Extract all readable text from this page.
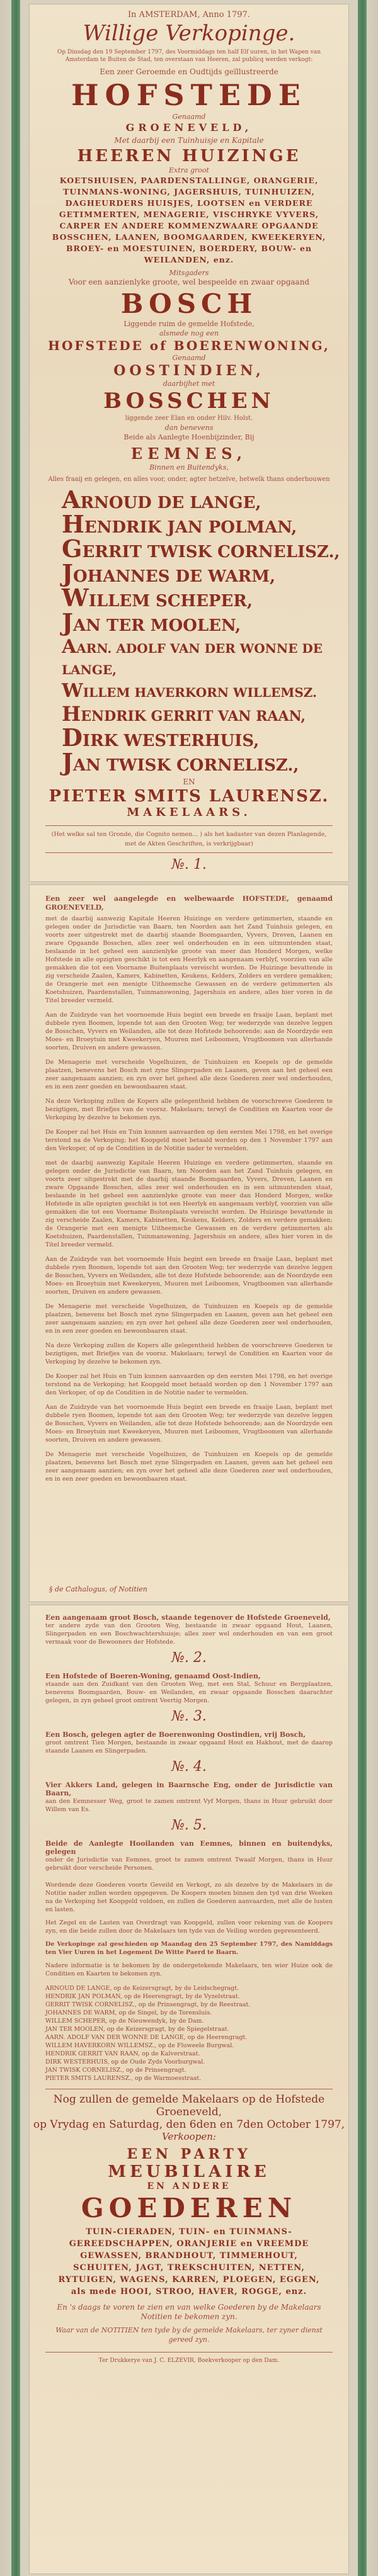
In AMSTERDAM, Anno 1797.
Willige Verkopinge.
Op Dinsdag den 19 September 1797, des Voormiddags ten half Elf uuren, in het Wapen van Amsterdam te Buiten de Stad, ten overstaan van Heeren, zal publicq werden verkogt:
Een zeer Geroemde en Oudtijds geïllustreerde
HOFSTEDE
Genaamd
GROENEVELD,
Met daarbij een Tuinhuisje en Kapitale
HEEREN HUIZINGE
Extra groot
KOETSHUISEN, PAARDENSTALLINGE, ORANGERIE, TUINMANS-WONING, JAGERSHUIS, TUINHUIZEN, DAGHEURDERS HUISJES, LOOTSEN en VERDERE GETIMMERTEN, MENAGERIE, VISCHRYKE VYVERS, CARPER EN ANDERE KOMMENZWAARE OPGAANDE BOSSCHEN, LAANEN, BOOMGAARDEN, KWEEKERYEN, BROEY- en MOESTUINEN, BOERDERY, BOUW- en WEILANDEN, enz.
Mitsgaders
Voor een aanzienlyke groote, wel bespeelde en zwaar opgaand
BOSCH
Liggende ruim de gemelde Hofstede,
alsmede nog een
HOFSTEDE of BOERENWONING,
Genaamd
OOSTINDIEN,
daarbijhet met
BOSSCHEN
liggende zeer Elan en onder Hilv. Holst.
dan benevens
Beide als Aanlegte Hoenbijzinder, Bij
EEMNES,
Binnen en Buitendyks,
Alles fraaij en gelegen, en alles voor, onder, agter hetzelve, hetwelk thans onderhouwen
ARNOUD DE LANGE,
HENDRIK JAN POLMAN,
GERRIT TWISK CORNELISZ.,
JOHANNES DE WARM,
WILLEM SCHEPER,
JAN TER MOOLEN,
AARN. ADOLF VAN DER WONNE DE LANGE,
WILLEM HAVERKORN WILLEMSZ.
HENDRIK GERRIT VAN RAAN,
DIRK WESTERHUIS,
JAN TWISK CORNELISZ.,
EN
PIETER SMITS LAURENSZ.
MAKELAARS.
(Het welke sal ten Gronde, die Cognito nemen... ) als het kadaster van dezen Planlagende, met de Akten Geschriften, is verkrijgbaar)
№. 1.
Een zeer wel aangelegde en welbewaarde HOFSTEDE, genaamd GROENEVELD,
met de daarbij aanwezig Kapitale Heeren Huizinge en verdere getimmerten, staande en gelegen onder de Jurisdictie van Baarn, ten Noorden aan het Zand Tuinhuis gelegen, en voorts zeer uitgestrekt met de daarbij staande Boomgaarden, Vyvers, Dreven, Laanen en zware Opgaande Bosschen, alles zeer wel onderhouden en in een uitmuntenden staat, beslaande in het geheel een aanzienlyke groote van meer dan Honderd Morgen, welke Hofstede in alle opzigten geschikt is tot een Heerlyk en aangenaam verblyf, voorzien van alle gemakken die tot een Voorname Buitenplaats vereischt worden. De Huizinge bevattende in zig verscheide Zaalen, Kamers, Kabinetten, Keukens, Kelders, Zolders en verdere gemakken; de Orangerie met een menigte Uitheemsche Gewassen en de verdere getimmerten als Koetshuizen, Paardenstallen, Tuinmanswoning, Jagershuis en andere, alles hier voren in de Titel breeder vermeld.
Aan de Zuidzyde van het voornoemde Huis begint een breede en fraaije Laan, beplant met dubbele ryen Boomen, lopende tot aan den Grooten Weg; ter wederzyde van dezelve leggen de Bosschen, Vyvers en Weilanden, alle tot deze Hofstede behoorende; aan de Noordzyde een Moes- en Broeytuin met Kweekeryen, Muuren met Leiboomen, Vrugtboomen van allerhande soorten, Druiven en andere gewassen.
De Menagerie met verscheide Vogelhuizen, de Tuinhuizen en Koepels op de gemelde plaatzen, benevens het Bosch met zyne Slingerpaden en Laanen, geven aan het geheel een zeer aangenaam aanzien; en zyn over het geheel alle deze Goederen zeer wel onderhouden, en in een zeer goeden en bewoonbaaren staat.
Na deze Verkoping zullen de Kopers alle gelegentheid hebben de voorschreeve Goederen te bezigtigen, met Briefjes van de voorsz. Makelaars; terwyl de Conditien en Kaarten voor de Verkoping by dezelve te bekomen zyn.
De Kooper zal het Huis en Tuin kunnen aanvaarden op den eersten Mei 1798, en het overige terstond na de Verkoping; het Koopgeld moet betaald worden op den 1 November 1797 aan den Verkoper, of op de Conditien in de Notitie nader te vermelden.
met de daarbij aanwezig Kapitale Heeren Huizinge en verdere getimmerten, staande en gelegen onder de Jurisdictie van Baarn, ten Noorden aan het Zand Tuinhuis gelegen, en voorts zeer uitgestrekt met de daarbij staande Boomgaarden, Vyvers, Dreven, Laanen en zware Opgaande Bosschen, alles zeer wel onderhouden en in een uitmuntenden staat, beslaande in het geheel een aanzienlyke groote van meer dan Honderd Morgen, welke Hofstede in alle opzigten geschikt is tot een Heerlyk en aangenaam verblyf, voorzien van alle gemakken die tot een Voorname Buitenplaats vereischt worden. De Huizinge bevattende in zig verscheide Zaalen, Kamers, Kabinetten, Keukens, Kelders, Zolders en verdere gemakken; de Orangerie met een menigte Uitheemsche Gewassen en de verdere getimmerten als Koetshuizen, Paardenstallen, Tuinmanswoning, Jagershuis en andere, alles hier voren in de Titel breeder vermeld.
Aan de Zuidzyde van het voornoemde Huis begint een breede en fraaije Laan, beplant met dubbele ryen Boomen, lopende tot aan den Grooten Weg; ter wederzyde van dezelve leggen de Bosschen, Vyvers en Weilanden, alle tot deze Hofstede behoorende; aan de Noordzyde een Moes- en Broeytuin met Kweekeryen, Muuren met Leiboomen, Vrugtboomen van allerhande soorten, Druiven en andere gewassen.
De Menagerie met verscheide Vogelhuizen, de Tuinhuizen en Koepels op de gemelde plaatzen, benevens het Bosch met zyne Slingerpaden en Laanen, geven aan het geheel een zeer aangenaam aanzien; en zyn over het geheel alle deze Goederen zeer wel onderhouden, en in een zeer goeden en bewoonbaaren staat.
Na deze Verkoping zullen de Kopers alle gelegentheid hebben de voorschreeve Goederen te bezigtigen, met Briefjes van de voorsz. Makelaars; terwyl de Conditien en Kaarten voor de Verkoping by dezelve te bekomen zyn.
De Kooper zal het Huis en Tuin kunnen aanvaarden op den eersten Mei 1798, en het overige terstond na de Verkoping; het Koopgeld moet betaald worden op den 1 November 1797 aan den Verkoper, of op de Conditien in de Notitie nader te vermelden.
Aan de Zuidzyde van het voornoemde Huis begint een breede en fraaije Laan, beplant met dubbele ryen Boomen, lopende tot aan den Grooten Weg; ter wederzyde van dezelve leggen de Bosschen, Vyvers en Weilanden, alle tot deze Hofstede behoorende; aan de Noordzyde een Moes- en Broeytuin met Kweekeryen, Muuren met Leiboomen, Vrugtboomen van allerhande soorten, Druiven en andere gewassen.
De Menagerie met verscheide Vogelhuizen, de Tuinhuizen en Koepels op de gemelde plaatzen, benevens het Bosch met zyne Slingerpaden en Laanen, geven aan het geheel een zeer aangenaam aanzien; en zyn over het geheel alle deze Goederen zeer wel onderhouden, en in een zeer goeden en bewoonbaaren staat.
§ de Cathalogus, of Notitien
Een aangenaam groot Bosch, staande tegenover de Hofstede Groeneveld,
ter andere zyde van den Grooten Weg, bestaande in zwaar opgaand Hout, Laanen, Slingerpaden en een Boschwachtershuisje; alles zeer wel onderhouden en van een groot vermaak voor de Bewooners der Hofstede.
№. 2.
Een Hofstede of Boeren-Woning, genaamd Oost-Indien,
staande aan den Zuidkant van den Grooten Weg, met een Stal, Schuur en Bergplaatzen, benevens Boomgaarden, Bouw- en Weilanden, en zwaar opgaande Bosschen daarachter gelegen, in zyn geheel groot omtrent Veertig Morgen.
№. 3.
Een Bosch, gelegen agter de Boerenwoning Oostindien, vrij Bosch,
groot omtrent Tien Morgen, bestaande in zwaar opgaand Hout en Hakhout, met de daarop staande Laanen en Slingerpaden.
№. 4.
Vier Akkers Land, gelegen in Baarnsche Eng, onder de Jurisdictie van Baarn,
aan den Eemnesser Weg, groot te zamen omtrent Vyf Morgen, thans in Huur gebruikt door Willem van Es.
№. 5.
Beide de Aanlegte Hooilanden van Eemnes, binnen en buitendyks, gelegen
onder de Jurisdictie van Eemnes, groot te zamen omtrent Twaalf Morgen, thans in Huur gebruikt door verscheide Personen.
Wordende deze Goederen voorts Geveild en Verkogt, zo als dezelve by de Makelaars in de Notitie nader zullen worden opgegeven. De Koopers moeten binnen den tyd van drie Weeken na de Verkoping het Koopgeld voldoen, en zullen de Goederen aanvaarden, met alle de lusten en lasten.
Het Zegel en de Lasten van Overdragt van Koopgeld, zullen voor rekening van de Koopers zyn, en die beide zullen door de Makelaars ten tyde van de Veiling worden gepresenteerd.
De Verkopinge zal geschieden op Maandag den 25 September 1797, des Namiddags ten Vier Uuren in het Logement De Witte Paerd te Baarn.
Nadere informatie is te bekomen by de ondergetekende Makelaars, ten wier Huize ook de Conditien en Kaarten te bekomen zyn.
ARNOUD DE LANGE, op de Keizersgragt, by de Leidschegragt.
HENDRIK JAN POLMAN, op de Heerengragt, by de Vyzelstraat.
GERRIT TWISK CORNELISZ., op de Prinsengragt, by de Reestraat.
JOHANNES DE WARM, op de Singel, by de Torensluis.
WILLEM SCHEPER, op de Nieuwendyk, by de Dam.
JAN TER MOOLEN, op de Keizersgragt, by de Spiegelstraat.
AARN. ADOLF VAN DER WONNE DE LANGE, op de Heerengragt.
WILLEM HAVERKORN WILLEMSZ., op de Fluweele Burgwal.
HENDRIK GERRIT VAN RAAN, op de Kalverstraat.
DIRK WESTERHUIS, op de Oude Zyds Voorburgwal.
JAN TWISK CORNELISZ., op de Prinsengragt.
PIETER SMITS LAURENSZ., op de Warmoesstraat.
Nog zullen de gemelde Makelaars op de Hofstede Groeneveld,
op Vrydag en Saturdag, den 6den en 7den October 1797,
Verkoopen:
EEN PARTY
MEUBILAIRE
EN ANDERE
GOEDEREN
TUIN-CIERADEN, TUIN- en TUINMANS-GEREEDSCHAPPEN, ORANJERIE en VREEMDE GEWASSEN, BRANDHOUT, TIMMERHOUT, SCHUITEN, JAGT, TREKSCHUITEN, NETTEN, RYTUIGEN, WAGENS, KARREN, PLOEGEN, EGGEN, als mede HOOI, STROO, HAVER, ROGGE, enz.
En 's daags te voren te zien en van welke Goederen by de Makelaars Notitien te bekomen zyn.
Waar van de NOTITIEN ten tyde by de gemelde Makelaars, ter zyner dienst gereed zyn.
Ter Drukkerye van J. C. ELZEVIR, Boekverkooper op den Dam.
